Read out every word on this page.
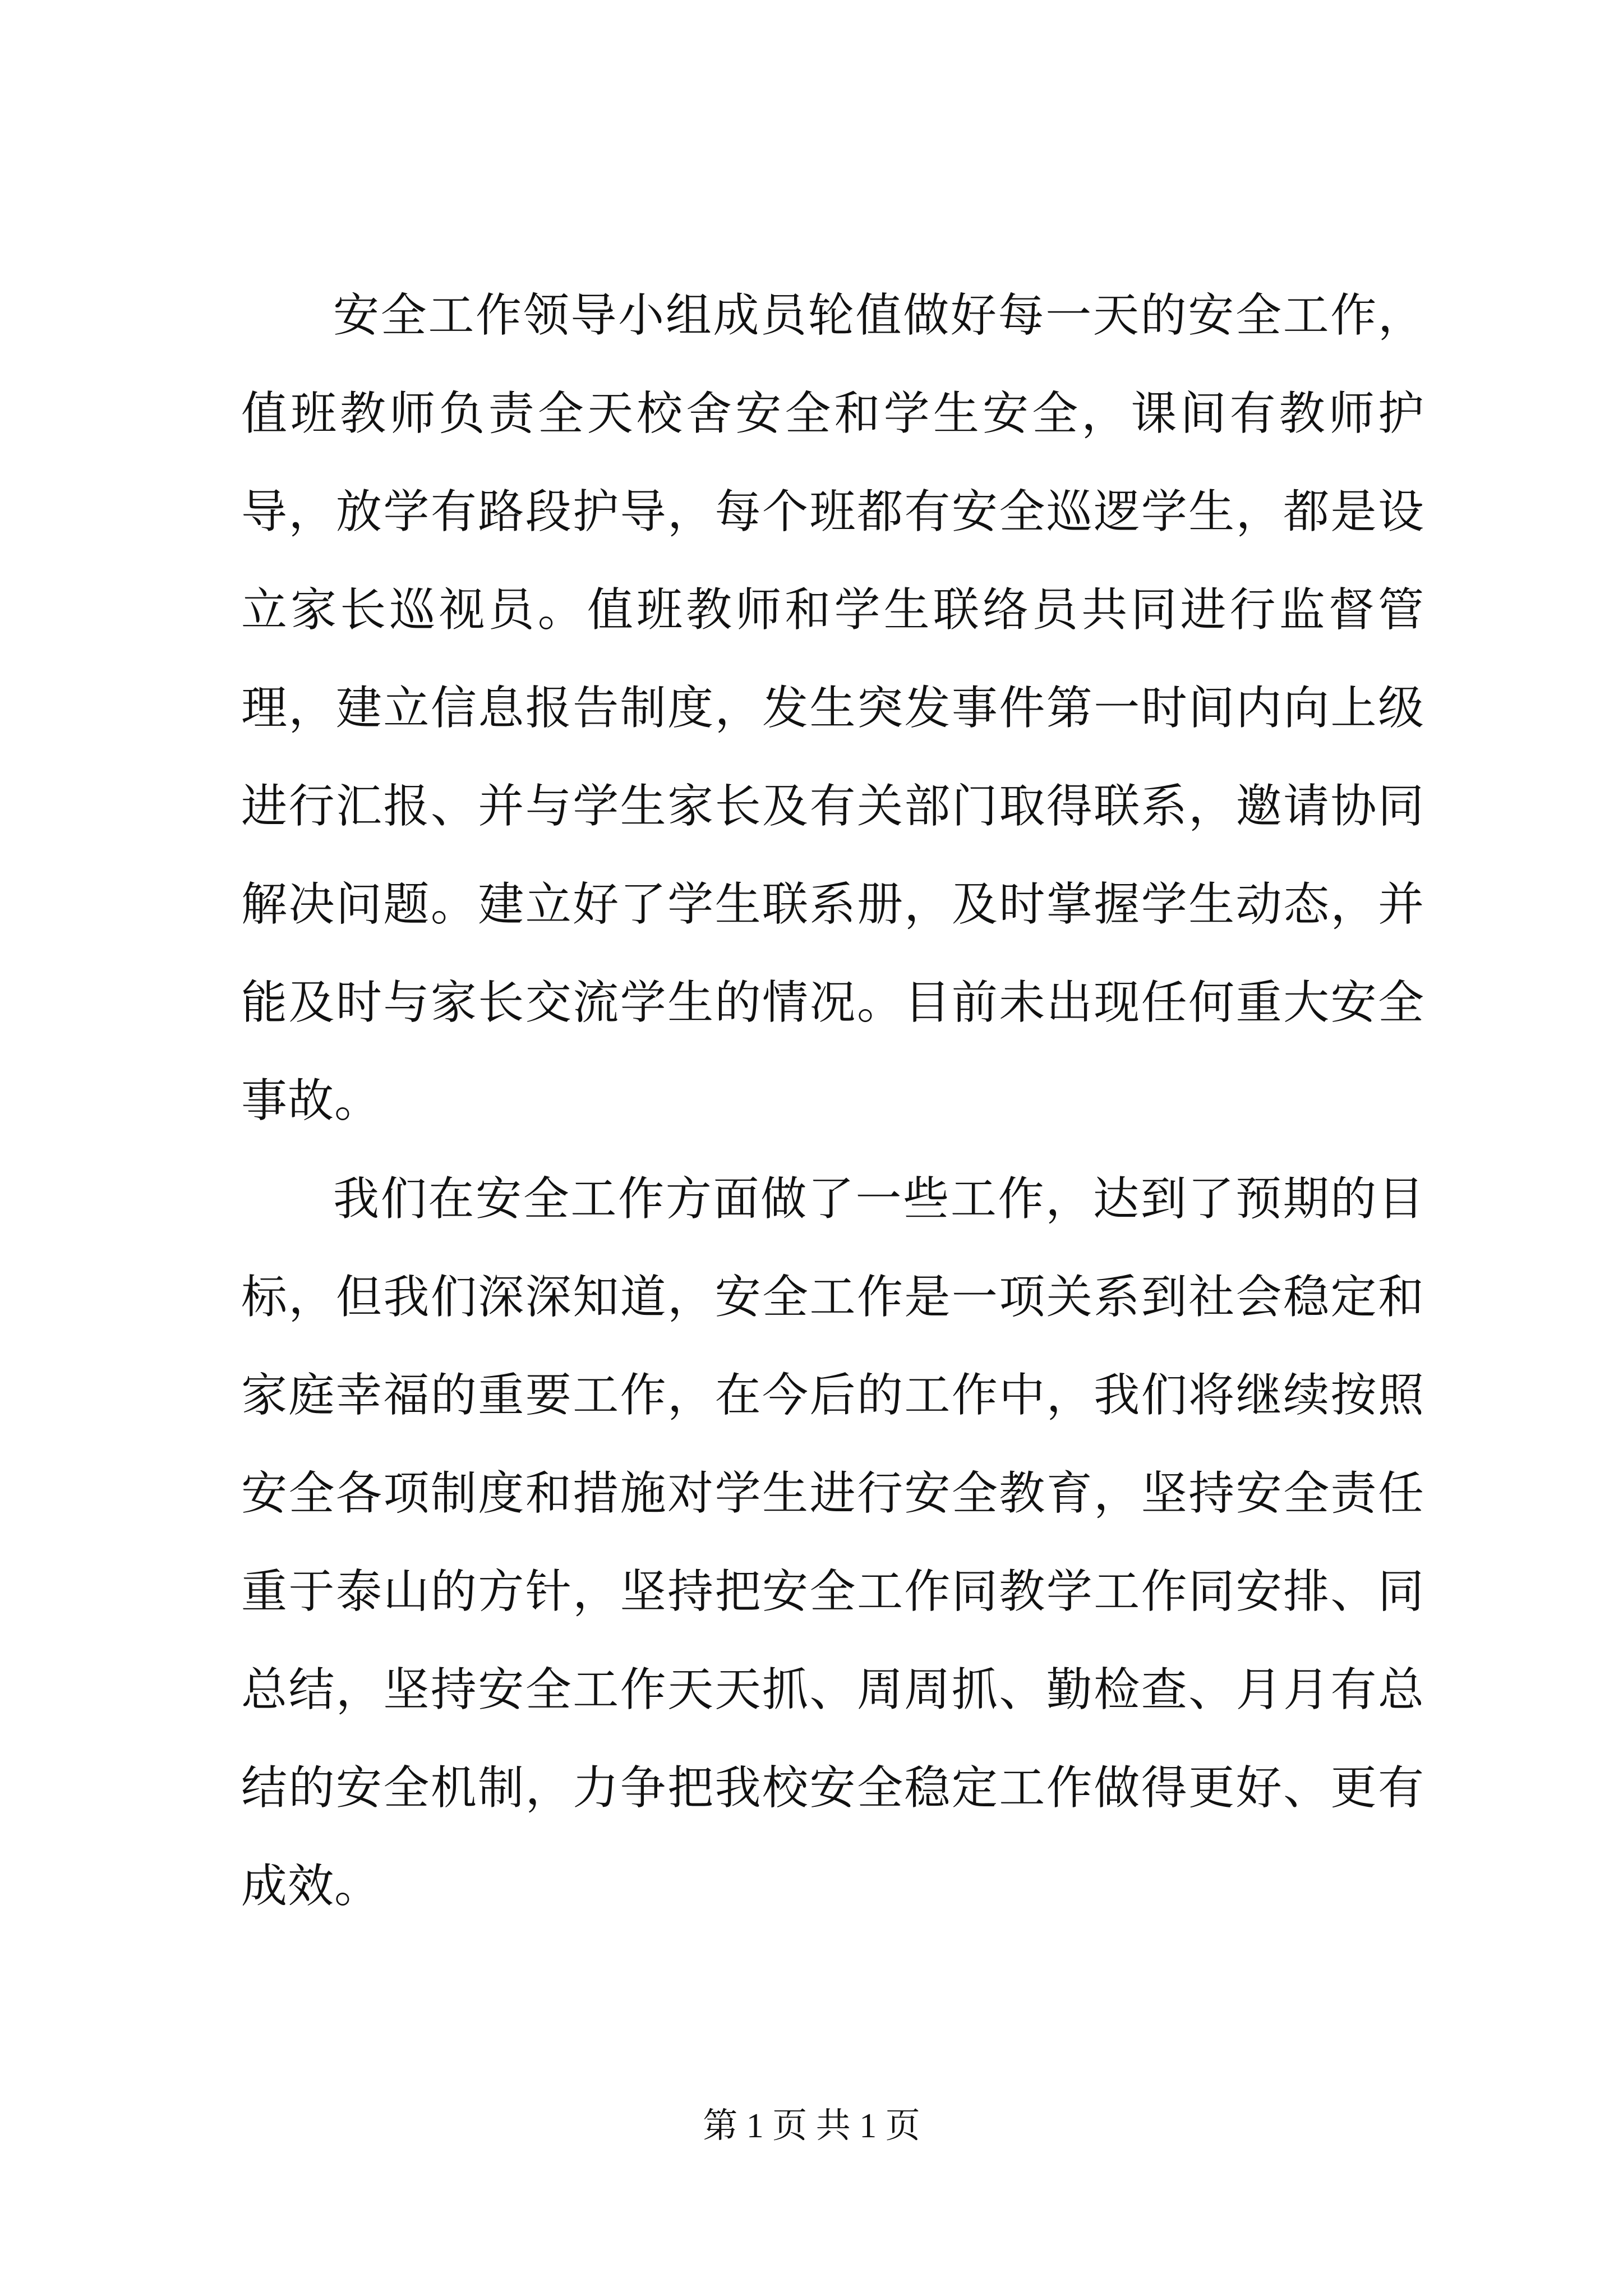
安全工作领导小组成员轮值做好每一天的安全工作，值班教师负责全天校舍安全和学生安全，课间有教师护导，放学有路段护导，每个班都有安全巡逻学生，都是设立家长巡视员。值班教师和学生联络员共同进行监督管理，建立信息报告制度，发生突发事件第一时间内向上级进行汇报、并与学生家长及有关部门取得联系，邀请协同解决问题。建立好了学生联系册，及时掌握学生动态，并能及时与家长交流学生的情况。目前未出现任何重大安全事故。

我们在安全工作方面做了一些工作，达到了预期的目标，但我们深深知道，安全工作是一项关系到社会稳定和家庭幸福的重要工作，在今后的工作中，我们将继续按照安全各项制度和措施对学生进行安全教育，坚持安全责任重于泰山的方针，坚持把安全工作同教学工作同安排、同总结，坚持安全工作天天抓、周周抓、勤检查、月月有总结的安全机制，力争把我校安全稳定工作做得更好、更有成效。

第 1 页 共 1 页
